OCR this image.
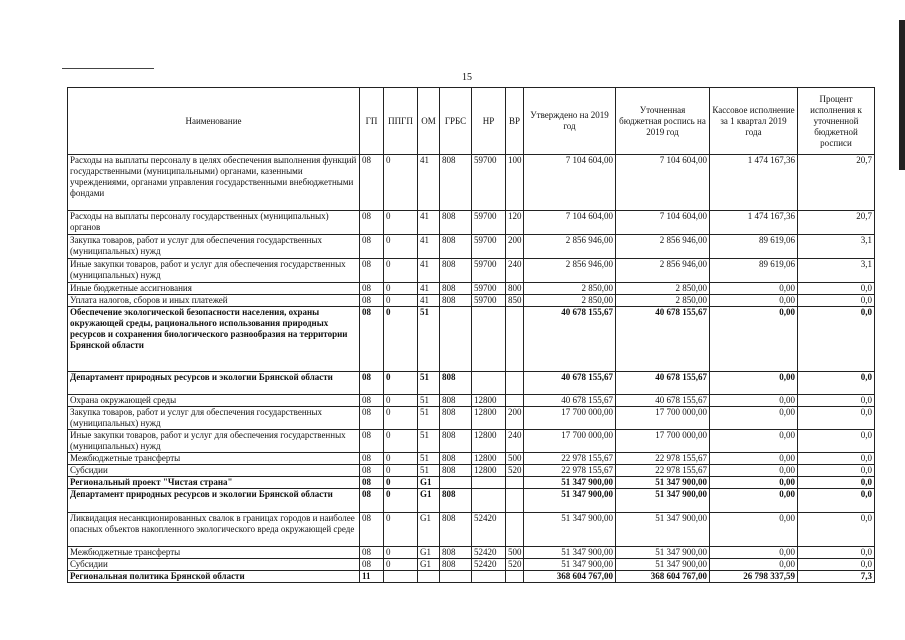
15
Наименование	ГП	ППГП	ОМ	ГРБС	НР	ВР	Утверждено на 2019 год	Уточненная бюджетная роспись на 2019 год	Кассовое исполнение за 1 квартал 2019 года	Процент исполнения к уточненной бюджетной росписи
Расходы на выплаты персоналу в целях обеспечения выполнения функций государственными (муниципальными) органами, казенными учреждениями, органами управления государственными внебюджетными фондами	08	0	41	808	59700	100	7 104 604,00	7 104 604,00	1 474 167,36	20,7
Расходы на выплаты персоналу государственных (муниципальных) органов	08	0	41	808	59700	120	7 104 604,00	7 104 604,00	1 474 167,36	20,7
Закупка товаров, работ и услуг для обеспечения государственных (муниципальных) нужд	08	0	41	808	59700	200	2 856 946,00	2 856 946,00	89 619,06	3,1
Иные закупки товаров, работ и услуг для обеспечения государственных (муниципальных) нужд	08	0	41	808	59700	240	2 856 946,00	2 856 946,00	89 619,06	3,1
Иные бюджетные ассигнования	08	0	41	808	59700	800	2 850,00	2 850,00	0,00	0,0
Уплата налогов, сборов и иных платежей	08	0	41	808	59700	850	2 850,00	2 850,00	0,00	0,0
Обеспечение экологической безопасности населения, охраны окружающей среды, рационального использования природных ресурсов и сохранения биологического разнообразия на территории Брянской области	08	0	51				40 678 155,67	40 678 155,67	0,00	0,0
Департамент природных ресурсов и экологии Брянской области	08	0	51	808			40 678 155,67	40 678 155,67	0,00	0,0
Охрана окружающей среды	08	0	51	808	12800		40 678 155,67	40 678 155,67	0,00	0,0
Закупка товаров, работ и услуг для обеспечения государственных (муниципальных) нужд	08	0	51	808	12800	200	17 700 000,00	17 700 000,00	0,00	0,0
Иные закупки товаров, работ и услуг для обеспечения государственных (муниципальных) нужд	08	0	51	808	12800	240	17 700 000,00	17 700 000,00	0,00	0,0
Межбюджетные трансферты	08	0	51	808	12800	500	22 978 155,67	22 978 155,67	0,00	0,0
Субсидии	08	0	51	808	12800	520	22 978 155,67	22 978 155,67	0,00	0,0
Региональный проект "Чистая страна"	08	0	G1				51 347 900,00	51 347 900,00	0,00	0,0
Департамент природных ресурсов и экологии Брянской области	08	0	G1	808			51 347 900,00	51 347 900,00	0,00	0,0
Ликвидация несанкционированных свалок в границах городов и наиболее опасных объектов накопленного экологического вреда окружающей среде	08	0	G1	808	52420		51 347 900,00	51 347 900,00	0,00	0,0
Межбюджетные трансферты	08	0	G1	808	52420	500	51 347 900,00	51 347 900,00	0,00	0,0
Субсидии	08	0	G1	808	52420	520	51 347 900,00	51 347 900,00	0,00	0,0
Региональная политика Брянской области	11						368 604 767,00	368 604 767,00	26 798 337,59	7,3
